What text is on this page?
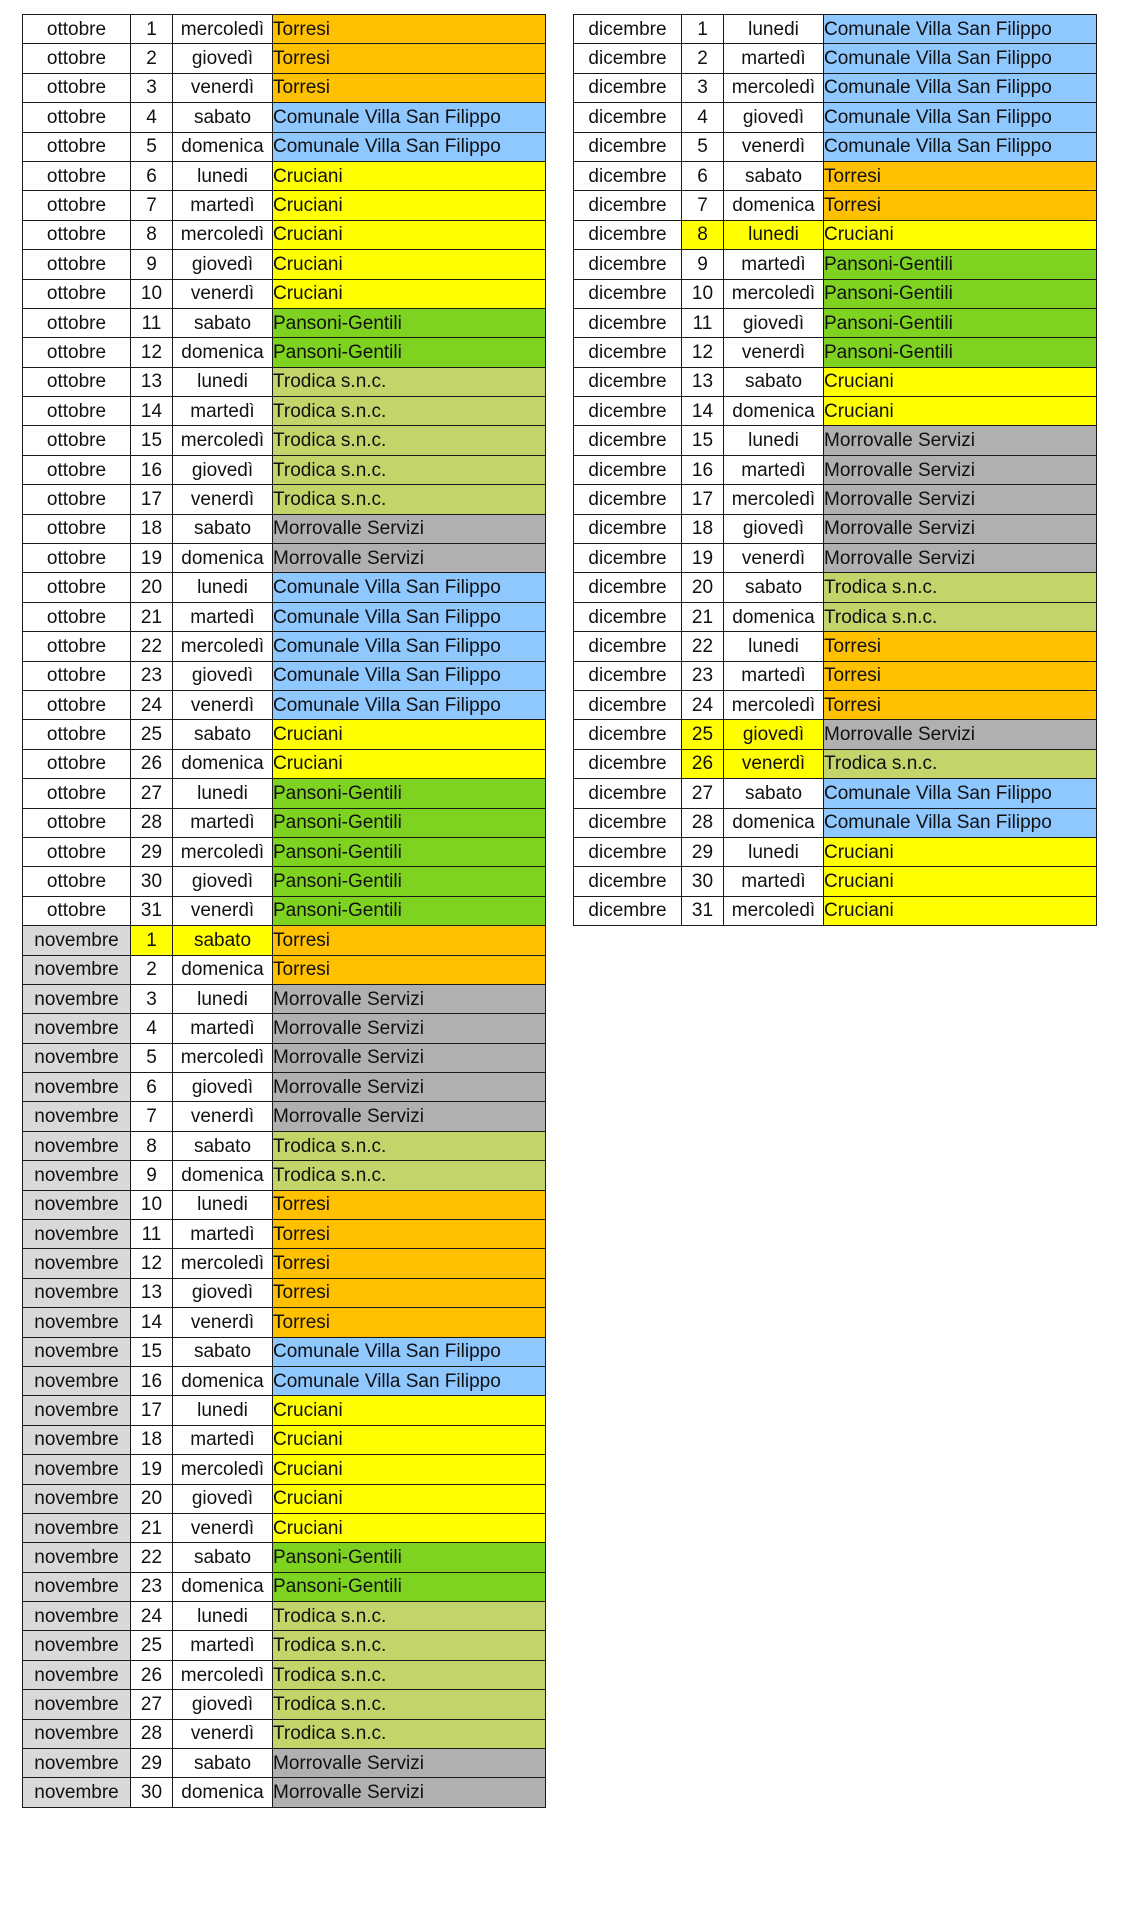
ottobre	1	mercoledì	Torresi
ottobre	2	giovedì	Torresi
ottobre	3	venerdì	Torresi
ottobre	4	sabato	Comunale Villa San Filippo
ottobre	5	domenica	Comunale Villa San Filippo
ottobre	6	lunedi	Cruciani
ottobre	7	martedì	Cruciani
ottobre	8	mercoledì	Cruciani
ottobre	9	giovedì	Cruciani
ottobre	10	venerdì	Cruciani
ottobre	11	sabato	Pansoni-Gentili
ottobre	12	domenica	Pansoni-Gentili
ottobre	13	lunedi	Trodica s.n.c.
ottobre	14	martedì	Trodica s.n.c.
ottobre	15	mercoledì	Trodica s.n.c.
ottobre	16	giovedì	Trodica s.n.c.
ottobre	17	venerdì	Trodica s.n.c.
ottobre	18	sabato	Morrovalle Servizi
ottobre	19	domenica	Morrovalle Servizi
ottobre	20	lunedi	Comunale Villa San Filippo
ottobre	21	martedì	Comunale Villa San Filippo
ottobre	22	mercoledì	Comunale Villa San Filippo
ottobre	23	giovedì	Comunale Villa San Filippo
ottobre	24	venerdì	Comunale Villa San Filippo
ottobre	25	sabato	Cruciani
ottobre	26	domenica	Cruciani
ottobre	27	lunedi	Pansoni-Gentili
ottobre	28	martedì	Pansoni-Gentili
ottobre	29	mercoledì	Pansoni-Gentili
ottobre	30	giovedì	Pansoni-Gentili
ottobre	31	venerdì	Pansoni-Gentili
novembre	1	sabato	Torresi
novembre	2	domenica	Torresi
novembre	3	lunedi	Morrovalle Servizi
novembre	4	martedì	Morrovalle Servizi
novembre	5	mercoledì	Morrovalle Servizi
novembre	6	giovedì	Morrovalle Servizi
novembre	7	venerdì	Morrovalle Servizi
novembre	8	sabato	Trodica s.n.c.
novembre	9	domenica	Trodica s.n.c.
novembre	10	lunedi	Torresi
novembre	11	martedì	Torresi
novembre	12	mercoledì	Torresi
novembre	13	giovedì	Torresi
novembre	14	venerdì	Torresi
novembre	15	sabato	Comunale Villa San Filippo
novembre	16	domenica	Comunale Villa San Filippo
novembre	17	lunedi	Cruciani
novembre	18	martedì	Cruciani
novembre	19	mercoledì	Cruciani
novembre	20	giovedì	Cruciani
novembre	21	venerdì	Cruciani
novembre	22	sabato	Pansoni-Gentili
novembre	23	domenica	Pansoni-Gentili
novembre	24	lunedi	Trodica s.n.c.
novembre	25	martedì	Trodica s.n.c.
novembre	26	mercoledì	Trodica s.n.c.
novembre	27	giovedì	Trodica s.n.c.
novembre	28	venerdì	Trodica s.n.c.
novembre	29	sabato	Morrovalle Servizi
novembre	30	domenica	Morrovalle Servizi
dicembre	1	lunedi	Comunale Villa San Filippo
dicembre	2	martedì	Comunale Villa San Filippo
dicembre	3	mercoledì	Comunale Villa San Filippo
dicembre	4	giovedì	Comunale Villa San Filippo
dicembre	5	venerdì	Comunale Villa San Filippo
dicembre	6	sabato	Torresi
dicembre	7	domenica	Torresi
dicembre	8	lunedi	Cruciani
dicembre	9	martedì	Pansoni-Gentili
dicembre	10	mercoledì	Pansoni-Gentili
dicembre	11	giovedì	Pansoni-Gentili
dicembre	12	venerdì	Pansoni-Gentili
dicembre	13	sabato	Cruciani
dicembre	14	domenica	Cruciani
dicembre	15	lunedi	Morrovalle Servizi
dicembre	16	martedì	Morrovalle Servizi
dicembre	17	mercoledì	Morrovalle Servizi
dicembre	18	giovedì	Morrovalle Servizi
dicembre	19	venerdì	Morrovalle Servizi
dicembre	20	sabato	Trodica s.n.c.
dicembre	21	domenica	Trodica s.n.c.
dicembre	22	lunedi	Torresi
dicembre	23	martedì	Torresi
dicembre	24	mercoledì	Torresi
dicembre	25	giovedì	Morrovalle Servizi
dicembre	26	venerdì	Trodica s.n.c.
dicembre	27	sabato	Comunale Villa San Filippo
dicembre	28	domenica	Comunale Villa San Filippo
dicembre	29	lunedi	Cruciani
dicembre	30	martedì	Cruciani
dicembre	31	mercoledì	Cruciani
